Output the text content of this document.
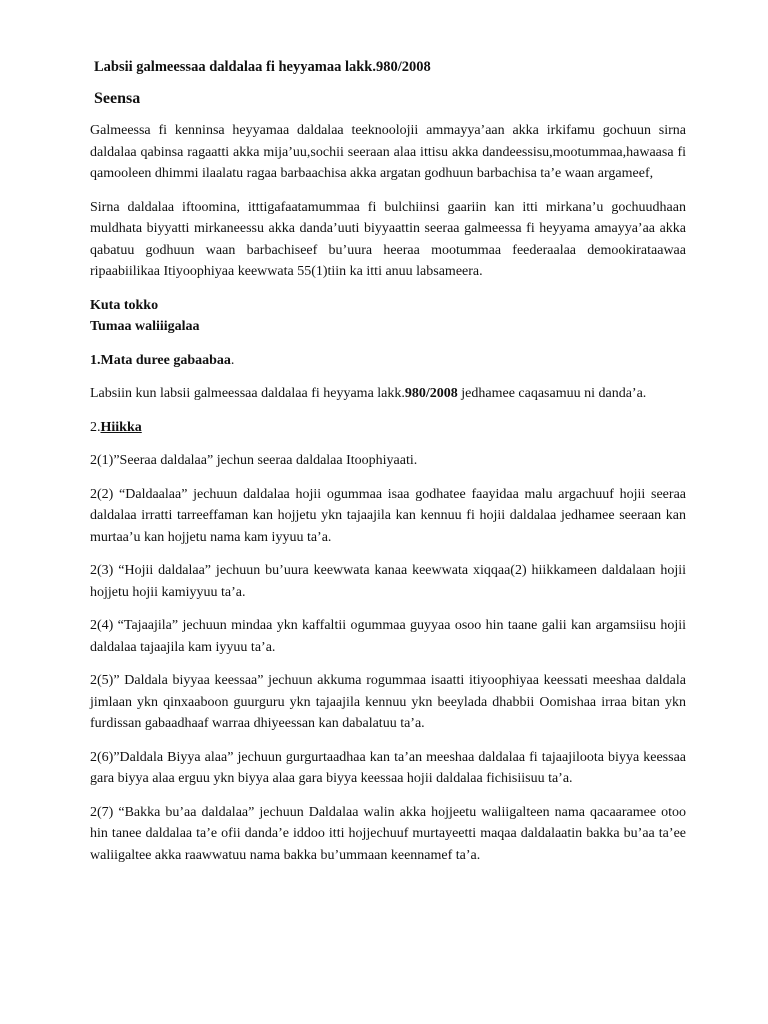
Labsii galmeessaa daldalaa fi heyyamaa lakk.980/2008
Seensa

Galmeessa fi kenninsa heyyamaa daldalaa teeknoolojii ammayya’aan akka irkifamu gochuun sirna daldalaa qabinsa ragaatti akka mija’uu,sochii seeraan alaa ittisu akka dandeessisu,mootummaa,hawaasa fi qamooleen dhimmi ilaalatu ragaa barbaachisa akka argatan godhuun barbachisa ta’e waan argameef,

Sirna daldalaa iftoomina, itttigafaatamummaa fi bulchiinsi gaariin kan itti mirkana’u gochuudhaan muldhata biyyatti mirkaneessu akka danda’uuti biyyaattin seeraa galmeessa fi heyyama amayya’aa akka qabatuu godhuun waan barbachiseef bu’uura heeraa mootummaa feederaalaa demookirataawaa ripaabiilikaa Itiyoophiyaa keewwata 55(1)tiin ka itti anuu labsameera.

Kuta tokko

Tumaa waliiigalaa

1.Mata duree gabaabaa.

Labsiin kun labsii galmeessaa daldalaa fi heyyama lakk.980/2008 jedhamee caqasamuu ni danda’a.

2.Hiikka

2(1)”Seeraa daldalaa” jechun seeraa daldalaa Itoophiyaati.

2(2) “Daldaalaa” jechuun daldalaa hojii ogummaa isaa godhatee faayidaa malu argachuuf hojii seeraa daldalaa irratti tarreeffaman kan hojjetu ykn tajaajila kan kennuu fi hojii daldalaa jedhamee seeraan kan murtaa’u kan hojjetu nama kam iyyuu ta’a.

2(3) “Hojii daldalaa” jechuun bu’uura keewwata kanaa keewwata xiqqaa(2) hiikkameen daldalaan hojii hojjetu hojii kamiyyuu ta’a.

2(4) “Tajaajila” jechuun mindaa ykn kaffaltii ogummaa guyyaa osoo hin taane galii kan argamsiisu hojii daldalaa tajaajila kam iyyuu ta’a.

2(5)” Daldala biyyaa keessaa” jechuun akkuma rogummaa isaatti itiyoophiyaa keessati meeshaa daldala jimlaan ykn qinxaaboon guurguru ykn tajaajila kennuu ykn beeylada dhabbii Oomishaa irraa bitan ykn furdissan gabaadhaaf warraa dhiyeessan kan dabalatuu ta’a.

2(6)”Daldala Biyya alaa” jechuun gurgurtaadhaa kan ta’an meeshaa daldalaa fi tajaajiloota biyya keessaa gara biyya alaa erguu ykn biyya alaa gara biyya keessaa hojii daldalaa fichisiisuu ta’a.

2(7) “Bakka bu’aa daldalaa” jechuun Daldalaa walin akka hojjeetu waliigalteen nama qacaarameе otoo hin tanee daldalaa ta’e ofii danda’e iddoo itti hojjechuuf murtayeetti maqaa daldalaatin bakka bu’aa ta’ee waliigaltee akka raawwatuu nama bakka bu’ummaan keennamef ta’a.
